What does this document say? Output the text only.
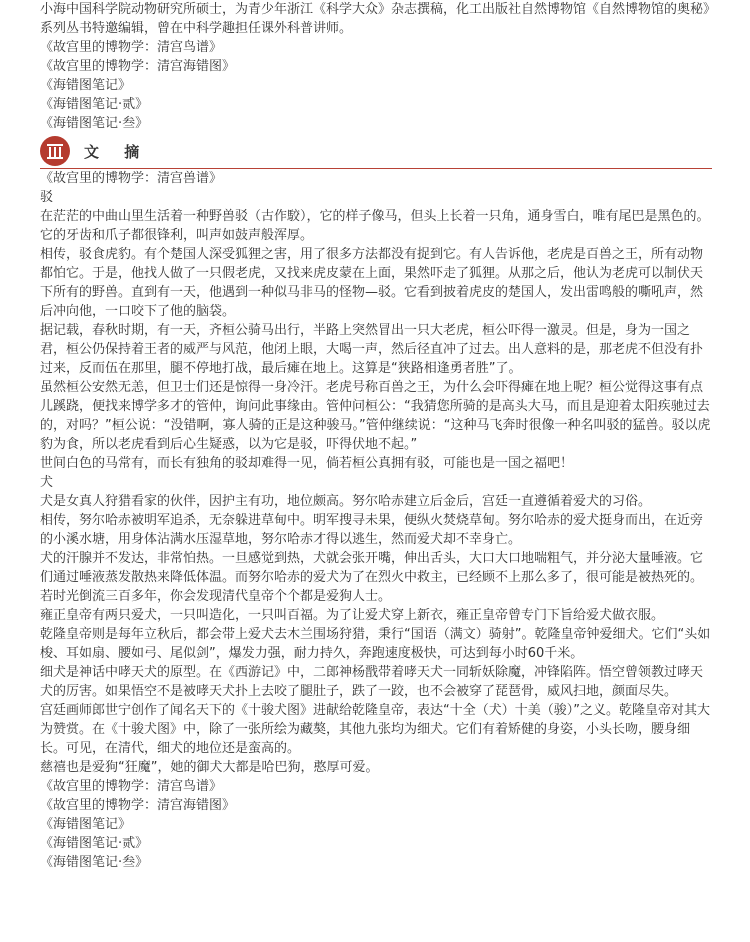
小海中国科学院动物研究所硕士，为青少年浙江《科学大众》杂志撰稿，化工出版社自然博物馆《自然博物馆的奥秘》系列丛书特邀编辑，曾在中科学趣担任课外科普讲师。
《故宫里的博物学：清宫鸟谱》
《故宫里的博物学：清宫海错图》
《海错图笔记》
《海错图笔记·贰》
《海错图笔记·叁》
文 摘
《故宫里的博物学：清宫兽谱》
驳
在茫茫的中曲山里生活着一种野兽驳（古作駮），它的样子像马，但头上长着一只角，通身雪白，唯有尾巴是黑色的。它的牙齿和爪子都很锋利，叫声如鼓声般浑厚。
相传，驳食虎豹。有个楚国人深受狐狸之害，用了很多方法都没有捉到它。有人告诉他，老虎是百兽之王，所有动物都怕它。于是，他找人做了一只假老虎，又找来虎皮蒙在上面，果然吓走了狐狸。从那之后，他认为老虎可以制伏天下所有的野兽。直到有一天，他遇到一种似马非马的怪物—驳。它看到披着虎皮的楚国人，发出雷鸣般的嘶吼声，然后冲向他，一口咬下了他的脑袋。
据记载，春秋时期，有一天，齐桓公骑马出行，半路上突然冒出一只大老虎，桓公吓得一激灵。但是，身为一国之君，桓公仍保持着王者的威严与风范，他闭上眼，大喝一声，然后径直冲了过去。出人意料的是，那老虎不但没有扑过来，反而伍在那里，腿不停地打战，最后瘫在地上。这算是“狭路相逢勇者胜”了。
虽然桓公安然无恙，但卫士们还是惊得一身冷汗。老虎号称百兽之王，为什么会吓得瘫在地上呢？桓公觉得这事有点儿蹊跷，便找来博学多才的管仲，询问此事缘由。管仲问桓公：“我猜您所骑的是高头大马，而且是迎着太阳疾驰过去的，对吗？”桓公说：“没错啊，寡人骑的正是这种骏马。”管仲继续说：“这种马飞奔时很像一种名叫驳的猛兽。驳以虎豹为食，所以老虎看到后心生疑惑，以为它是驳，吓得伏地不起。”
世间白色的马常有，而长有独角的驳却难得一见，倘若桓公真拥有驳，可能也是一国之福吧！
犬
犬是女真人狩猎看家的伙伴，因护主有功，地位颇高。努尔哈赤建立后金后，宫廷一直遵循着爱犬的习俗。
相传，努尔哈赤被明军追杀，无奈躲进草甸中。明军搜寻未果，便纵火焚烧草甸。努尔哈赤的爱犬挺身而出，在近旁的小溪水塘，用身体沾满水压湿草地，努尔哈赤才得以逃生，然而爱犬却不幸身亡。
犬的汗腺并不发达，非常怕热。一旦感觉到热，犬就会张开嘴，伸出舌头，大口大口地喘粗气，并分泌大量唾液。它们通过唾液蒸发散热来降低体温。而努尔哈赤的爱犬为了在烈火中救主，已经顾不上那么多了，很可能是被热死的。
若时光倒流三百多年，你会发现清代皇帝个个都是爱狗人士。
雍正皇帝有两只爱犬，一只叫造化，一只叫百福。为了让爱犬穿上新衣，雍正皇帝曾专门下旨给爱犬做衣服。
乾隆皇帝则是每年立秋后，都会带上爱犬去木兰围场狩猎，秉行“国语（满文）骑射”。乾隆皇帝钟爱细犬。它们“头如梭、耳如扇、腰如弓、尾似剑”，爆发力强，耐力持久，奔跑速度极快，可达到每小时60千米。
细犬是神话中哮天犬的原型。在《西游记》中，二郎神杨戬带着哮天犬一同斩妖除魔，冲锋陷阵。悟空曾领教过哮天犬的厉害。如果悟空不是被哮天犬扑上去咬了腿肚子，跌了一跤，也不会被穿了琵琶骨，威风扫地，颜面尽失。
宫廷画师郎世宁创作了闻名天下的《十骏犬图》进献给乾隆皇帝，表达“十全（犬）十美（骏）”之义。乾隆皇帝对其大为赞赏。在《十骏犬图》中，除了一张所绘为藏獒，其他九张均为细犬。它们有着矫健的身姿，小头长吻，腰身细长。可见，在清代，细犬的地位还是蛮高的。
慈禧也是爱狗“狂魔”，她的御犬大都是哈巴狗，憨厚可爱。
《故宫里的博物学：清宫鸟谱》
《故宫里的博物学：清宫海错图》
《海错图笔记》
《海错图笔记·贰》
《海错图笔记·叁》
